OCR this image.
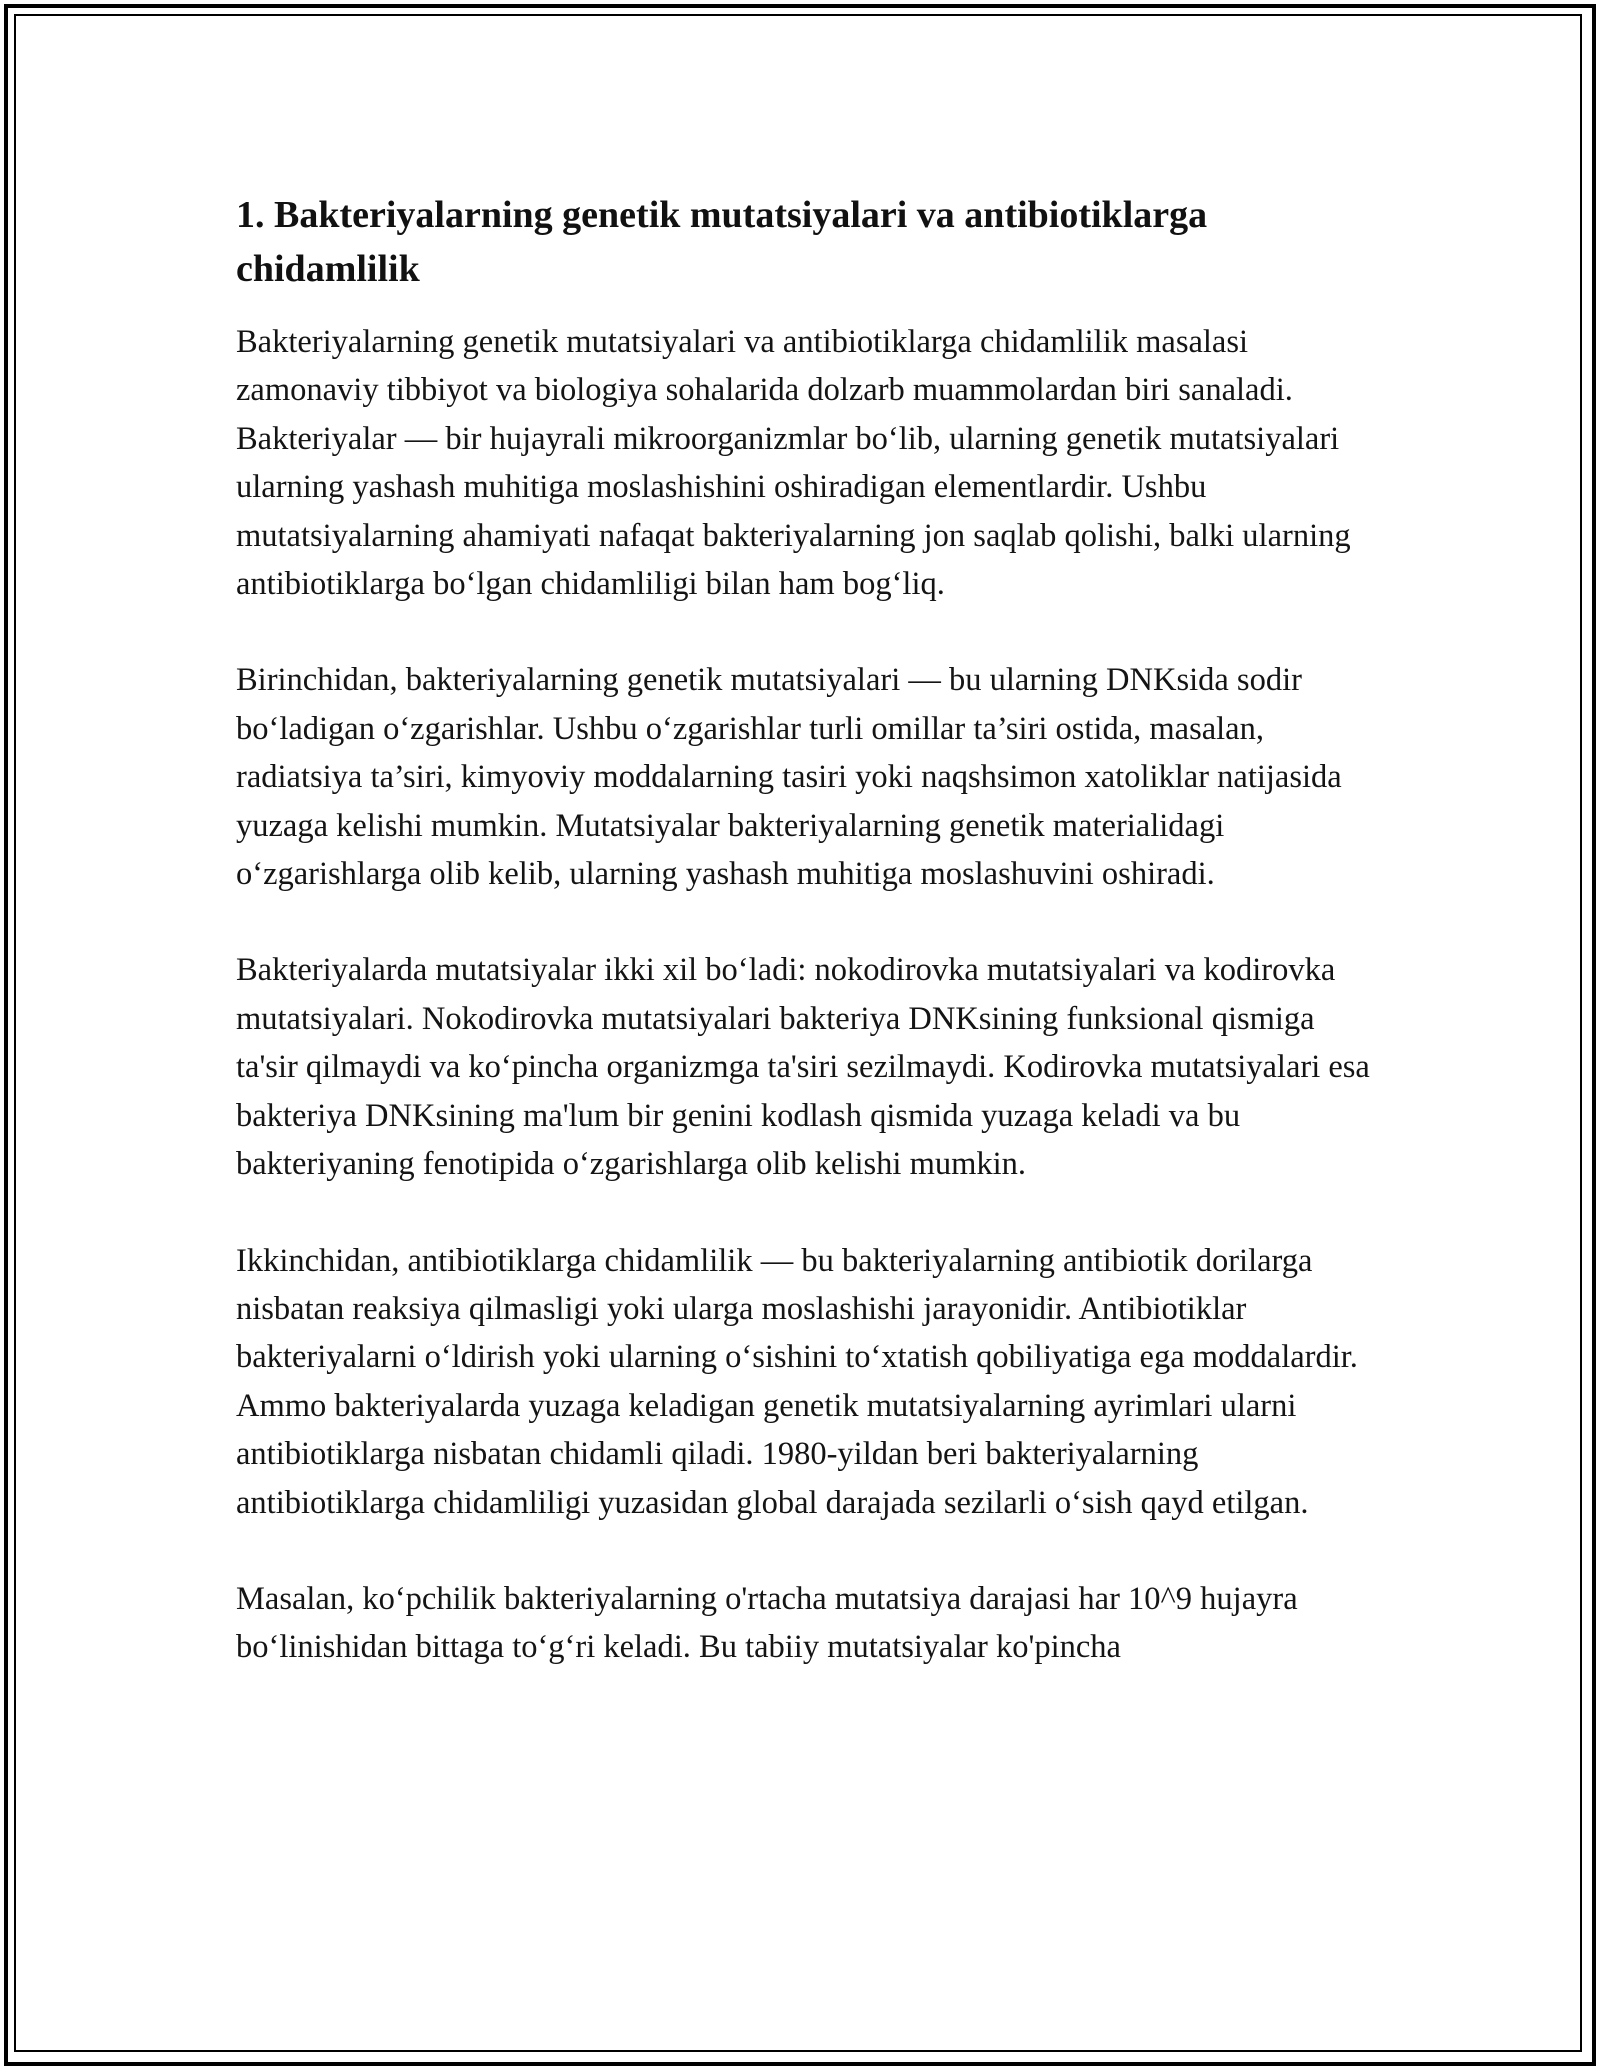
1. Bakteriyalarning genetik mutatsiyalari va antibiotiklarga chidamlilik

Bakteriyalarning genetik mutatsiyalari va antibiotiklarga chidamlilik masalasi zamonaviy tibbiyot va biologiya sohalarida dolzarb muammolardan biri sanaladi. Bakteriyalar — bir hujayrali mikroorganizmlar bo‘lib, ularning genetik mutatsiyalari ularning yashash muhitiga moslashishini oshiradigan elementlardir. Ushbu mutatsiyalarning ahamiyati nafaqat bakteriyalarning jon saqlab qolishi, balki ularning antibiotiklarga bo‘lgan chidamliligi bilan ham bog‘liq.

Birinchidan, bakteriyalarning genetik mutatsiyalari — bu ularning DNKsida sodir bo‘ladigan o‘zgarishlar. Ushbu o‘zgarishlar turli omillar ta’siri ostida, masalan, radiatsiya ta’siri, kimyoviy moddalarning tasiri yoki naqshsimon xatoliklar natijasida yuzaga kelishi mumkin. Mutatsiyalar bakteriyalarning genetik materialidagi o‘zgarishlarga olib kelib, ularning yashash muhitiga moslashuvini oshiradi.

Bakteriyalarda mutatsiyalar ikki xil bo‘ladi: nokodirovka mutatsiyalari va kodirovka mutatsiyalari. Nokodirovka mutatsiyalari bakteriya DNKsining funksional qismiga ta'sir qilmaydi va ko‘pincha organizmga ta'siri sezilmaydi. Kodirovka mutatsiyalari esa bakteriya DNKsining ma'lum bir genini kodlash qismida yuzaga keladi va bu bakteriyaning fenotipida o‘zgarishlarga olib kelishi mumkin.

Ikkinchidan, antibiotiklarga chidamlilik — bu bakteriyalarning antibiotik dorilarga nisbatan reaksiya qilmasligi yoki ularga moslashishi jarayonidir. Antibiotiklar bakteriyalarni o‘ldirish yoki ularning o‘sishini to‘xtatish qobiliyatiga ega moddalardir. Ammo bakteriyalarda yuzaga keladigan genetik mutatsiyalarning ayrimlari ularni antibiotiklarga nisbatan chidamli qiladi. 1980-yildan beri bakteriyalarning antibiotiklarga chidamliligi yuzasidan global darajada sezilarli o‘sish qayd etilgan.

Masalan, ko‘pchilik bakteriyalarning o'rtacha mutatsiya darajasi har 10^9 hujayra bo‘linishidan bittaga to‘g‘ri keladi. Bu tabiiy mutatsiyalar ko'pincha
